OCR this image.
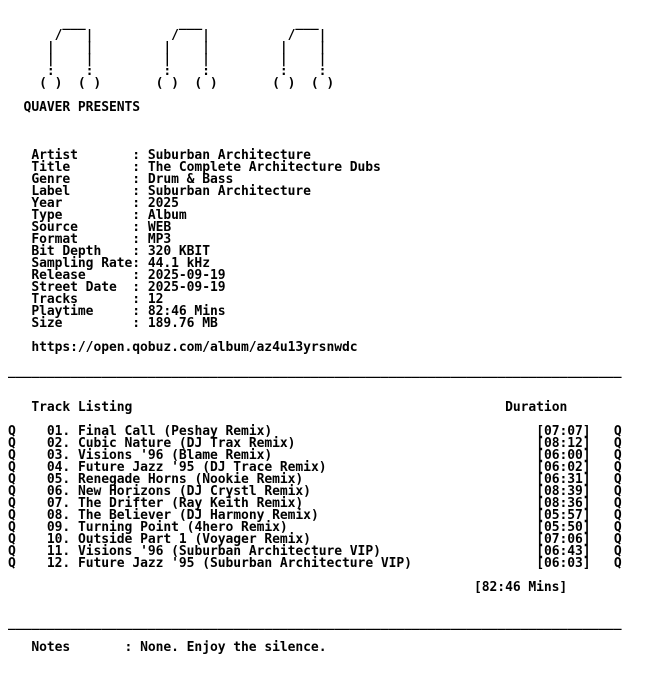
___            ___            ___
/   |          /   |          /   |
|    |         |    |         |    |
|    |         |    |         |    |
:    :         :    :         :    :
( )  ( )       ( )  ( )       ( )  ( )

QUAVER PRESENTS

Artist       : Suburban Architecture
Title        : The Complete Architecture Dubs
Genre        : Drum & Bass
Label        : Suburban Architecture
Year         : 2025
Type         : Album
Source       : WEB
Format       : MP3
Bit Depth    : 320 KBIT
Sampling Rate: 44.1 kHz
Release      : 2025-09-19
Street Date  : 2025-09-19
Tracks       : 12
Playtime     : 82:46 Mins
Size         : 189.76 MB

https://open.qobuz.com/album/az4u13yrsnwdc

_______________________________________________________________________________

Track Listing	Duration

Q 01. Final Call (Peshay Remix)	[07:07] Q
Q 02. Cubic Nature (DJ Trax Remix)	[08:12] Q
Q 03. Visions '96 (Blame Remix)	[06:00] Q
Q 04. Future Jazz '95 (DJ Trace Remix)	[06:02] Q
Q 05. Renegade Horns (Nookie Remix)	[06:31] Q
Q 06. New Horizons (DJ Crystl Remix)	[08:39] Q
Q 07. The Drifter (Ray Keith Remix)	[08:36] Q
Q 08. The Believer (DJ Harmony Remix)	[05:57] Q
Q 09. Turning Point (4hero Remix)	[05:50] Q
Q 10. Outside Part 1 (Voyager Remix)	[07:06] Q
Q 11. Visions '96 (Suburban Architecture VIP)	[06:43] Q
Q 12. Future Jazz '95 (Suburban Architecture VIP)	[06:03] Q

[82:46 Mins]

_______________________________________________________________________________

Notes       : None. Enjoy the silence.
